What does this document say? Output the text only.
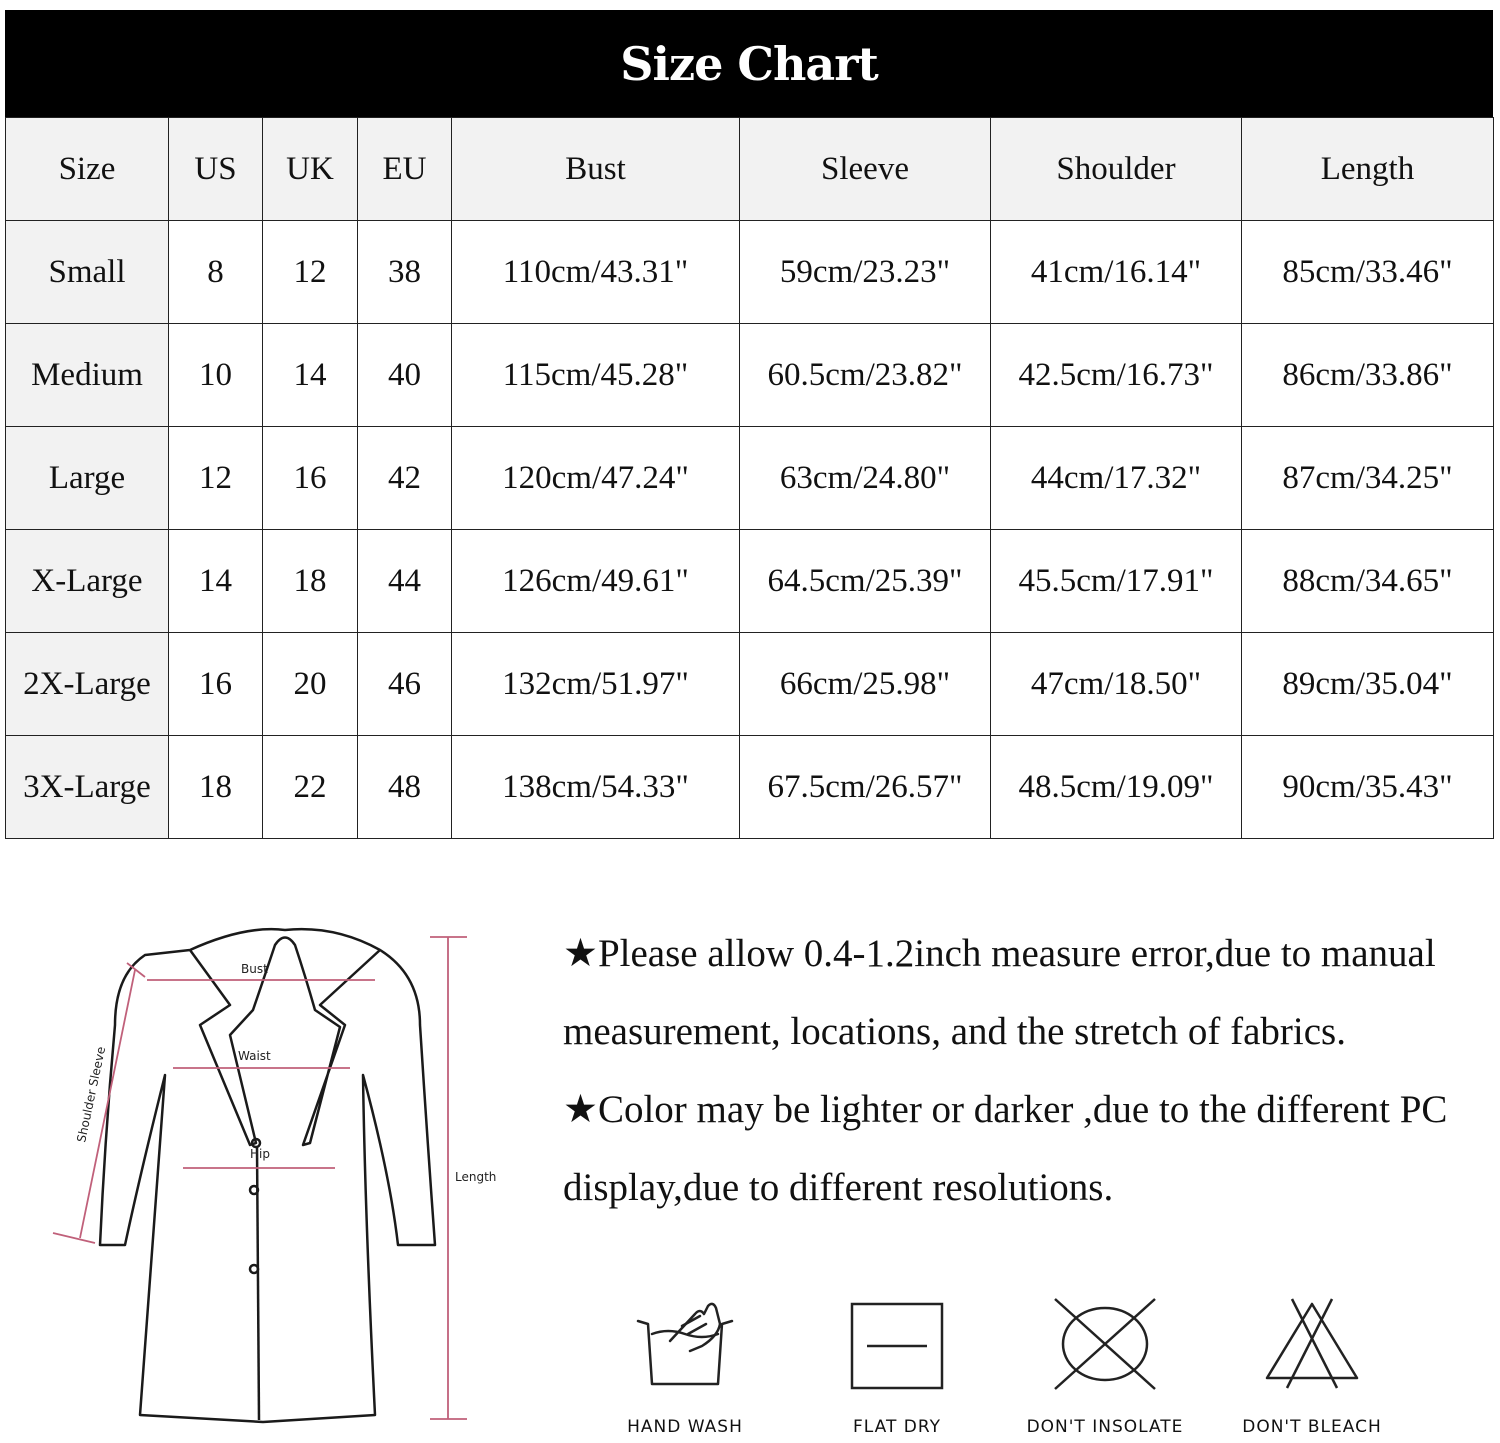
Size Chart
Size	US	UK	EU	Bust	Sleeve	Shoulder	Length
Small	8	12	38	110cm/43.31"	59cm/23.23"	41cm/16.14"	85cm/33.46"
Medium	10	14	40	115cm/45.28"	60.5cm/23.82"	42.5cm/16.73"	86cm/33.86"
Large	12	16	42	120cm/47.24"	63cm/24.80"	44cm/17.32"	87cm/34.25"
X-Large	14	18	44	126cm/49.61"	64.5cm/25.39"	45.5cm/17.91"	88cm/34.65"
2X-Large	16	20	46	132cm/51.97"	66cm/25.98"	47cm/18.50"	89cm/35.04"
3X-Large	18	22	48	138cm/54.33"	67.5cm/26.57"	48.5cm/19.09"	90cm/35.43"
Bust
Waist
Hip
Length
Shoulder Sleeve

★Please allow 0.4-1.2inch measure error,due to manual measurement, locations, and the stretch of fabrics.

★Color may be lighter or darker ,due to the different PC display,due to different resolutions.

HAND WASH	FLAT DRY	DON'T INSOLATE	DON'T BLEACH
